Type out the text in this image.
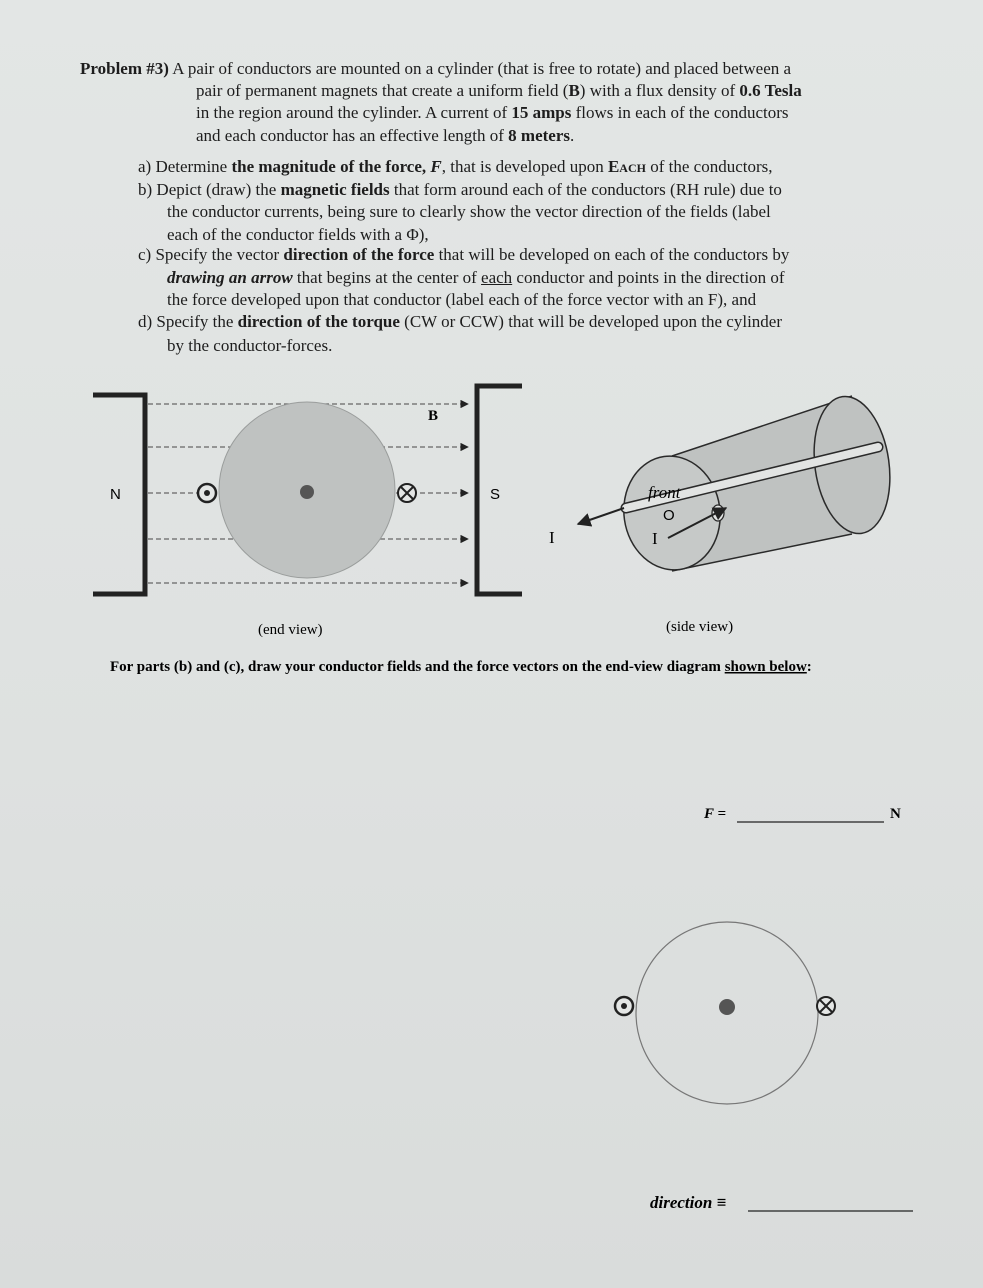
Problem #3) A pair of conductors are mounted on a cylinder (that is free to rotate) and placed between a
pair of permanent magnets that create a uniform field (B) with a flux density of 0.6 Tesla
in the region around the cylinder. A current of 15 amps flows in each of the conductors
and each conductor has an effective length of 8 meters.
a) Determine the magnitude of the force, F, that is developed upon Each of the conductors,
b) Depict (draw) the magnetic fields that form around each of the conductors (RH rule) due to
the conductor currents, being sure to clearly show the vector direction of the fields (label
each of the conductor fields with a Φ),
c) Specify the vector direction of the force that will be developed on each of the conductors by
drawing an arrow that begins at the center of each conductor and points in the direction of
the force developed upon that conductor (label each of the force vector with an F), and
d) Specify the direction of the torque (CW or CCW) that will be developed upon the cylinder
by the conductor-forces.
N	S
B
(end view)
front
O
I	I
(side view)
For parts (b) and (c), draw your conductor fields and the force vectors on the end-view diagram shown below:
F =	N
direction ≡
